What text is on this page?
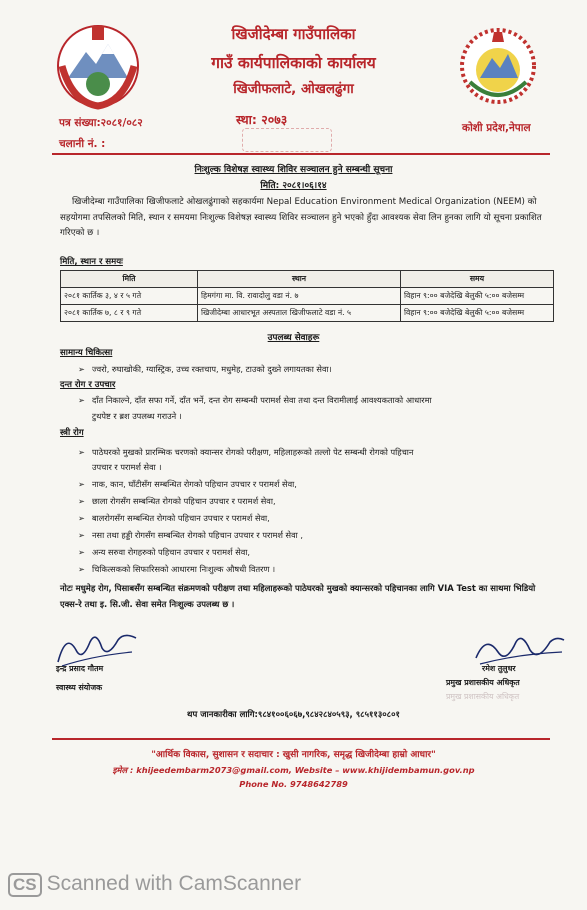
खिजीदेम्बा गाउँपालिका
गाउँ कार्यपालिकाको कार्यालय
खिजीफलाटे, ओखलढुंगा
स्था: २०७३
पत्र संख्या:२०८१/०८२
चलानी नं. :
कोशी प्रदेश,नेपाल
निःशुल्क विशेषज्ञ स्वास्थ्य शिविर सञ्चालन हुने सम्बन्धी सूचना
मिति: २०८१।०६।१४
खिजीदेम्बा गाउँपालिका खिजीफलाटे ओखलढुंगाको सहकार्यमा Nepal Education Environment Medical Organization (NEEM) को सहयोगमा तपसिलको मिति, स्थान र समयमा निःशुल्क विशेषज्ञ स्वास्थ्य शिविर सञ्चालन हुने भएको हुँदा आवश्यक सेवा लिन हुनका लागि यो सूचना प्रकाशित गरिएको छ ।
मिति, स्थान र समयः
मिति	स्थान	समय
२०८१ कार्तिक ३, ४ र ५ गते	हिमगंगा मा. वि. रावादोलु वडा नं. ७	विहान ९:०० बजेदेखि बेलुकी ५:०० बजेसम्म
२०८१ कार्तिक ७, ८ र ९ गते	खिजीदेम्बा आधारभूत अस्पताल खिजीफलाटे वडा नं. ५	विहान ९:०० बजेदेखि बेलुकी ५:०० बजेसम्म
उपलब्ध सेवाहरू
सामान्य चिकित्सा
➢ ज्वरो, रुघाखोकी, ग्यास्ट्रिक, उच्च रक्तचाप, मधुमेह, टाउको दुख्ने लगायतका सेवा।
दन्त रोग र उपचार
➢ दाँत निकाल्ने, दाँत सफा गर्ने, दाँत भर्ने, दन्त रोग सम्बन्धी परामर्श सेवा तथा दन्त विरामीलाई आवश्यकताको आधारमा
टुथपेष्ट र ब्रश उपलब्ध गराउने ।
स्त्री रोग
➢ पाठेघरको मुखको प्रारम्भिक चरणको क्यान्सर रोगको परीक्षण, महिलाहरूको तल्लो पेट सम्बन्धी रोगको पहिचान
उपचार र परामर्श सेवा ।
➢ नाक, कान, घाँटीसँग सम्बन्धित रोगको पहिचान उपचार र परामर्श सेवा,
➢ छाला रोगसँग सम्बन्धित रोगको पहिचान उपचार र परामर्श सेवा,
➢ बालरोगसँग सम्बन्धित रोगको पहिचान उपचार र परामर्श सेवा,
➢ नसा तथा हड्डी रोगसँग सम्बन्धित रोगको पहिचान उपचार र परामर्श सेवा ,
➢ अन्य सरुवा रोगहरुको पहिचान उपचार र परामर्श सेवा,
➢ चिकित्सकको सिफारिसको आधारमा निःशुल्क औषधी वितरण ।
नोटः मधुमेह रोग, पिसाबसँग सम्बन्धित संक्रमणको परीक्षण तथा महिलाहरूको पाठेघरको मुखको क्यान्सरको पहिचानका लागि VIA Test का साथमा भिडियो एक्स-रे तथा इ. सि.जी. सेवा समेत निःशुल्क उपलब्ध छ ।
इन्द्र प्रसाद गौतम
स्वास्थ्य संयोजक
रमेश तुलुधर
प्रमुख प्रशासकीय अधिकृत
प्रमुख प्रशासकीय अधिकृत
थप जानकारीका लागि:९८४१००६०६७,९८४२८४०५९३, ९८५११३०८०१
"आर्थिक विकास, सुशासन र सदाचार : खुसी नागरिक, समृद्ध खिजीदेम्बा हाम्रो आधार"
इमेल : khijeedembarm2073@gmail.com, Website – www.khijidembamun.gov.np
Phone No. 9748642789
CS Scanned with CamScanner
